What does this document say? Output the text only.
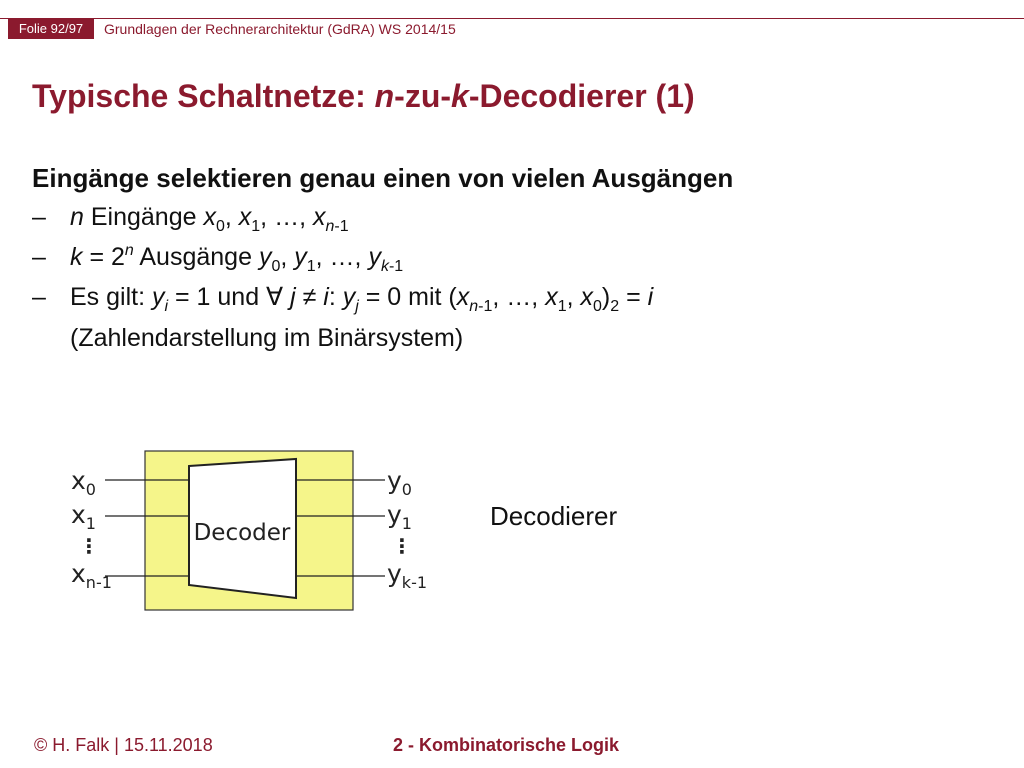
Folie 92/97	Grundlagen der Rechnerarchitektur (GdRA) WS 2014/15
Typische Schaltnetze: n-zu-k-Decodierer (1)
Eingänge selektieren genau einen von vielen Ausgängen
– n Eingänge $x_0$, $x_1$, …, $x_{n-1}$
– $k = 2^n$ Ausgänge $y_0$, $y_1$, …, $y_{k-1}$
– Es gilt: $y_i = 1$ und ∀ j ≠ i: $y_j = 0$ mit ($x_{n-1}$, …, $x_1$, $x_0)_2 = i$
(Zahlendarstellung im Binärsystem)
Decoder
$x_0$
$x_1$
⋮
$x_{n-1}$
$y_0$
$y_1$
⋮
$y_{k-1}$
Decodierer
© H. Falk | 15.11.2018	2 - Kombinatorische Logik
